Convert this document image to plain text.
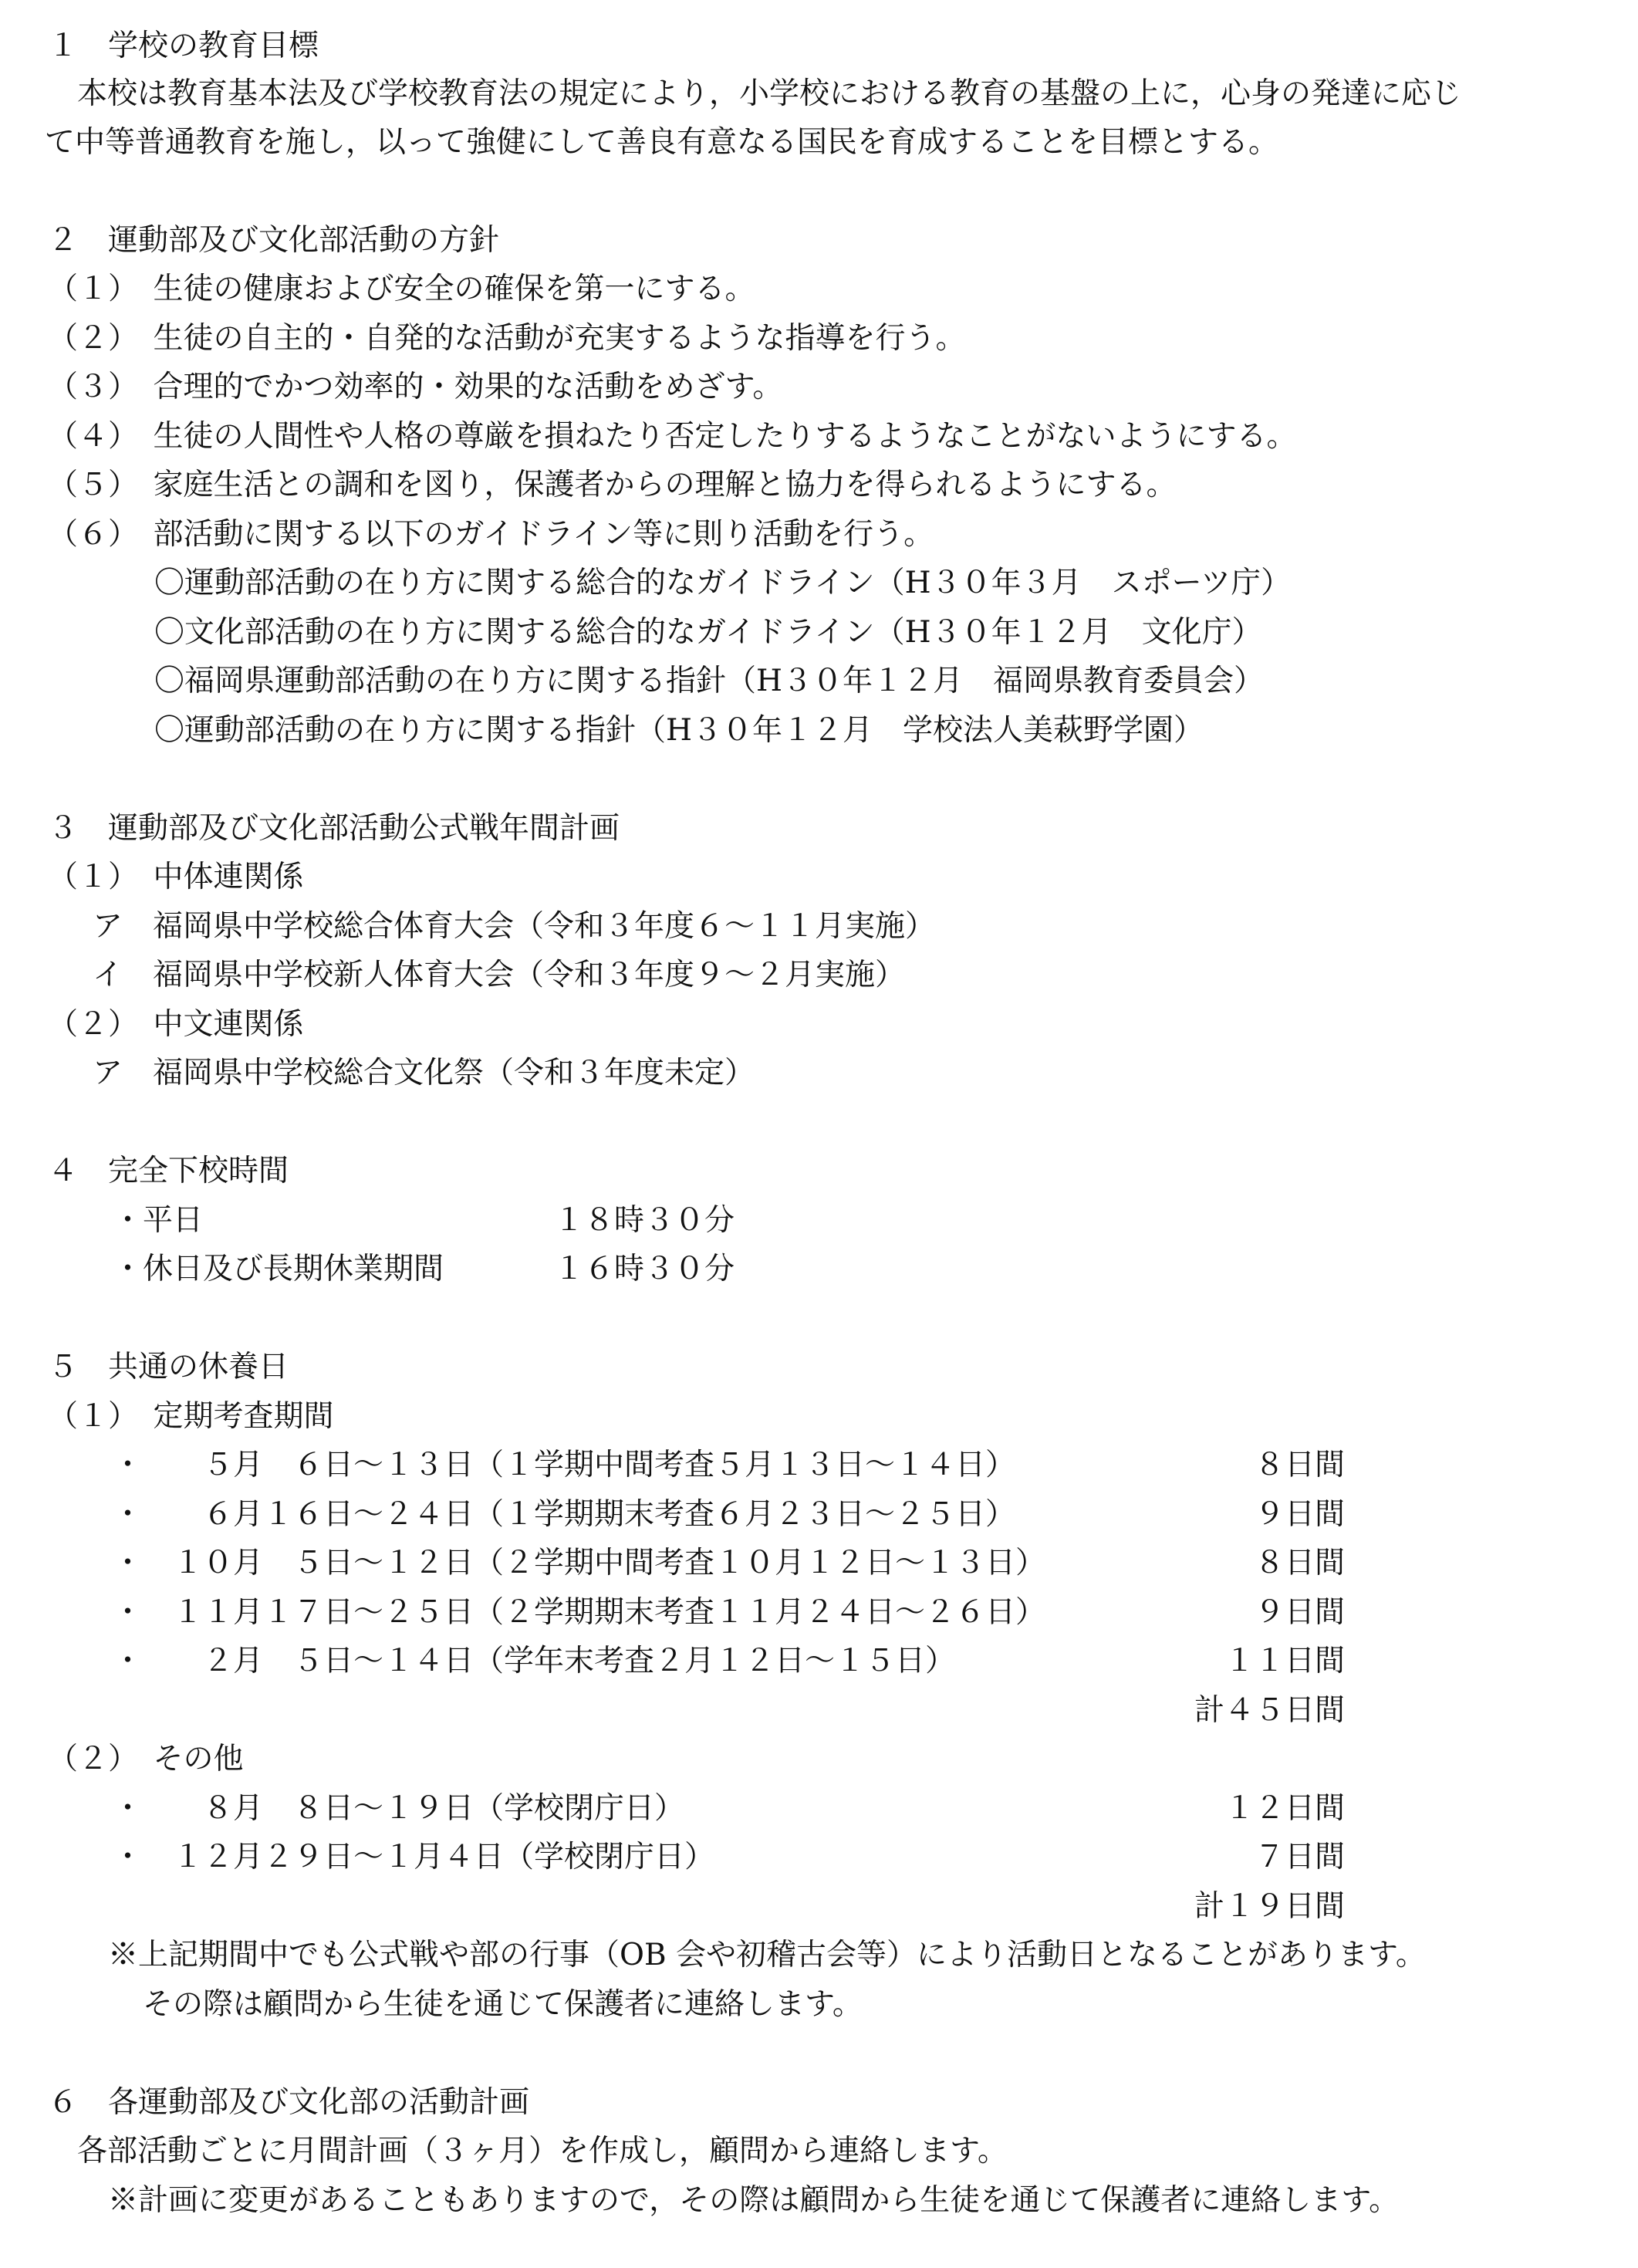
１　学校の教育目標
本校は教育基本法及び学校教育法の規定により，小学校における教育の基盤の上に，心身の発達に応じ
て中等普通教育を施し，以って強健にして善良有意なる国民を育成することを目標とする。
２　運動部及び文化部活動の方針
（１）　生徒の健康および安全の確保を第一にする。
（２）　生徒の自主的・自発的な活動が充実するような指導を行う。
（３）　合理的でかつ効率的・効果的な活動をめざす。
（４）　生徒の人間性や人格の尊厳を損ねたり否定したりするようなことがないようにする。
（５）　家庭生活との調和を図り，保護者からの理解と協力を得られるようにする。
（６）　部活動に関する以下のガイドライン等に則り活動を行う。
〇運動部活動の在り方に関する総合的なガイドライン（H３０年３月　スポーツ庁）
〇文化部活動の在り方に関する総合的なガイドライン（H３０年１２月　文化庁）
〇福岡県運動部活動の在り方に関する指針（H３０年１２月　福岡県教育委員会）
〇運動部活動の在り方に関する指針（H３０年１２月　学校法人美萩野学園）
３　運動部及び文化部活動公式戦年間計画
（１）　中体連関係
ア　福岡県中学校総合体育大会（令和３年度６～１１月実施）
イ　福岡県中学校新人体育大会（令和３年度９～２月実施）
（２）　中文連関係
ア　福岡県中学校総合文化祭（令和３年度未定）
４　完全下校時間
・平日	１８時３０分
・休日及び長期休業期間	１６時３０分
５　共通の休養日
（１）　定期考査期間
・　　５月　６日～１３日（１学期中間考査５月１３日～１４日）	８日間
・　　６月１６日～２４日（１学期期末考査６月２３日～２５日）	９日間
・　１０月　５日～１２日（２学期中間考査１０月１２日～１３日）	８日間
・　１１月１７日～２５日（２学期期末考査１１月２４日～２６日）	９日間
・　　２月　５日～１４日（学年末考査２月１２日～１５日）	１１日間
計４５日間
（２）　その他
・　　８月　８日～１９日（学校閉庁日）	１２日間
・　１２月２９日～１月４日（学校閉庁日）	７日間
計１９日間
※上記期間中でも公式戦や部の行事（OB 会や初稽古会等）により活動日となることがあります。
その際は顧問から生徒を通じて保護者に連絡します。
６　各運動部及び文化部の活動計画
各部活動ごとに月間計画（３ヶ月）を作成し，顧問から連絡します。
※計画に変更があることもありますので，その際は顧問から生徒を通じて保護者に連絡します。
